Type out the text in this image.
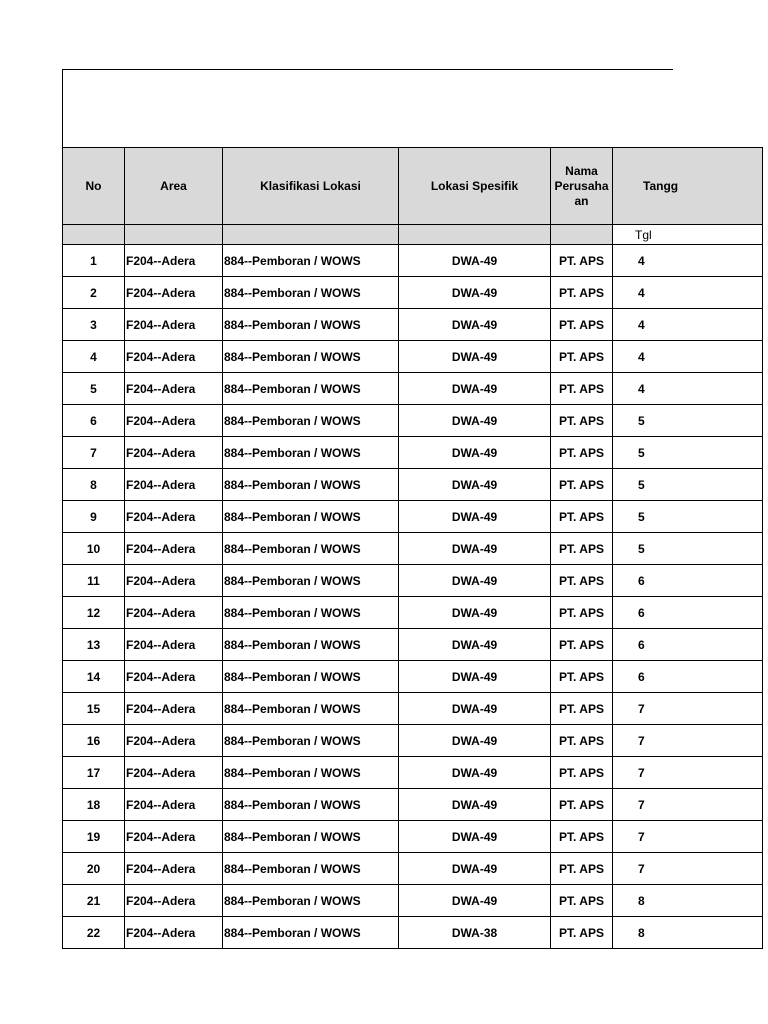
No	Area	Klasifikasi Lokasi	Lokasi Spesifik	Nama Perusaha an	Tangg
					Tgl
1	F204--Adera	884--Pemboran / WOWS	DWA-49	PT. APS	4
2	F204--Adera	884--Pemboran / WOWS	DWA-49	PT. APS	4
3	F204--Adera	884--Pemboran / WOWS	DWA-49	PT. APS	4
4	F204--Adera	884--Pemboran / WOWS	DWA-49	PT. APS	4
5	F204--Adera	884--Pemboran / WOWS	DWA-49	PT. APS	4
6	F204--Adera	884--Pemboran / WOWS	DWA-49	PT. APS	5
7	F204--Adera	884--Pemboran / WOWS	DWA-49	PT. APS	5
8	F204--Adera	884--Pemboran / WOWS	DWA-49	PT. APS	5
9	F204--Adera	884--Pemboran / WOWS	DWA-49	PT. APS	5
10	F204--Adera	884--Pemboran / WOWS	DWA-49	PT. APS	5
11	F204--Adera	884--Pemboran / WOWS	DWA-49	PT. APS	6
12	F204--Adera	884--Pemboran / WOWS	DWA-49	PT. APS	6
13	F204--Adera	884--Pemboran / WOWS	DWA-49	PT. APS	6
14	F204--Adera	884--Pemboran / WOWS	DWA-49	PT. APS	6
15	F204--Adera	884--Pemboran / WOWS	DWA-49	PT. APS	7
16	F204--Adera	884--Pemboran / WOWS	DWA-49	PT. APS	7
17	F204--Adera	884--Pemboran / WOWS	DWA-49	PT. APS	7
18	F204--Adera	884--Pemboran / WOWS	DWA-49	PT. APS	7
19	F204--Adera	884--Pemboran / WOWS	DWA-49	PT. APS	7
20	F204--Adera	884--Pemboran / WOWS	DWA-49	PT. APS	7
21	F204--Adera	884--Pemboran / WOWS	DWA-49	PT. APS	8
22	F204--Adera	884--Pemboran / WOWS	DWA-38	PT. APS	8
